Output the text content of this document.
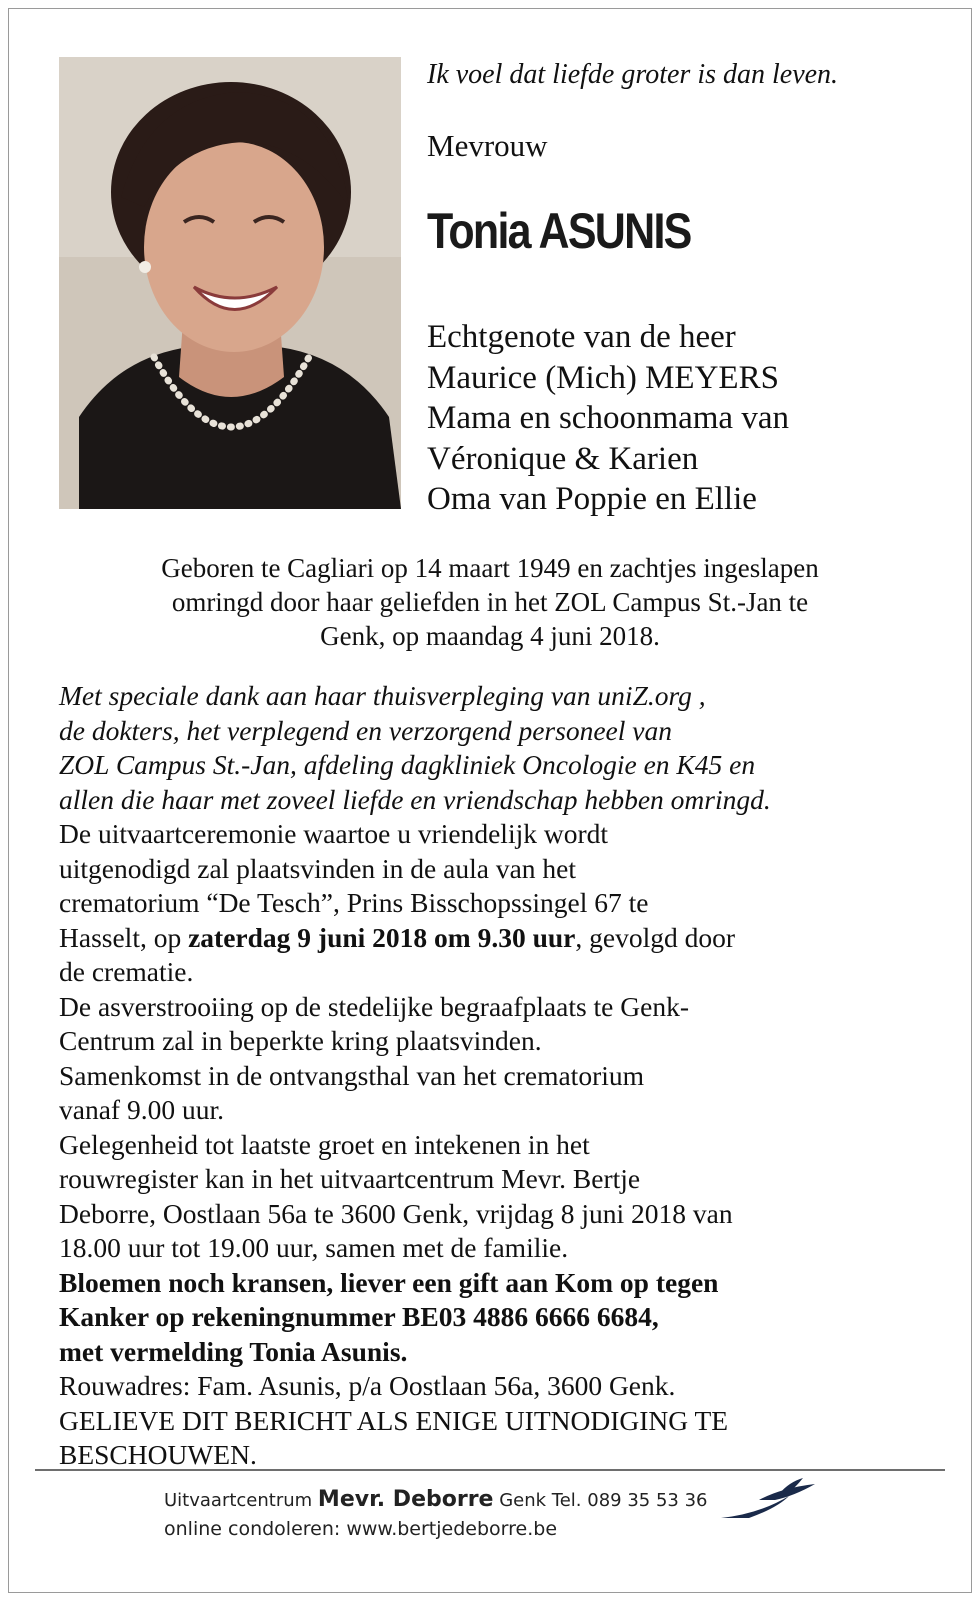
Ik voel dat liefde groter is dan leven.

Mevrouw

Tonia ASUNIS
Echtgenote van de heer
Maurice (Mich) MEYERS
Mama en schoonmama van
Véronique & Karien
Oma van Poppie en Ellie
Geboren te Cagliari op 14 maart 1949 en zachtjes ingeslapen
omringd door haar geliefden in het ZOL Campus St.-Jan te
Genk, op maandag 4 juni 2018.

Met speciale dank aan haar thuisverpleging van uniZ.org ,

de dokters, het verplegend en verzorgend personeel van

ZOL Campus St.-Jan, afdeling dagkliniek Oncologie en K45 en

allen die haar met zoveel liefde en vriendschap hebben omringd.

De uitvaartceremonie waartoe u vriendelijk wordt

uitgenodigd zal plaatsvinden in de aula van het

crematorium “De Tesch”, Prins Bisschopssingel 67 te

Hasselt, op zaterdag 9 juni 2018 om 9.30 uur, gevolgd door

de crematie.

De asverstrooiing op de stedelijke begraafplaats te Genk-

Centrum zal in beperkte kring plaatsvinden.

Samenkomst in de ontvangsthal van het crematorium

vanaf 9.00 uur.

Gelegenheid tot laatste groet en intekenen in het

rouwregister kan in het uitvaartcentrum Mevr. Bertje

Deborre, Oostlaan 56a te 3600 Genk, vrijdag 8 juni 2018 van

18.00 uur tot 19.00 uur, samen met de familie.

Bloemen noch kransen, liever een gift aan Kom op tegen

Kanker op rekeningnummer BE03 4886 6666 6684,

met vermelding Tonia Asunis.

Rouwadres: Fam. Asunis, p/a Oostlaan 56a, 3600 Genk.

GELIEVE DIT BERICHT ALS ENIGE UITNODIGING TE

BESCHOUWEN.

Uitvaartcentrum Mevr. Deborre Genk Tel. 089 35 53 36
online condoleren: www.bertjedeborre.be
